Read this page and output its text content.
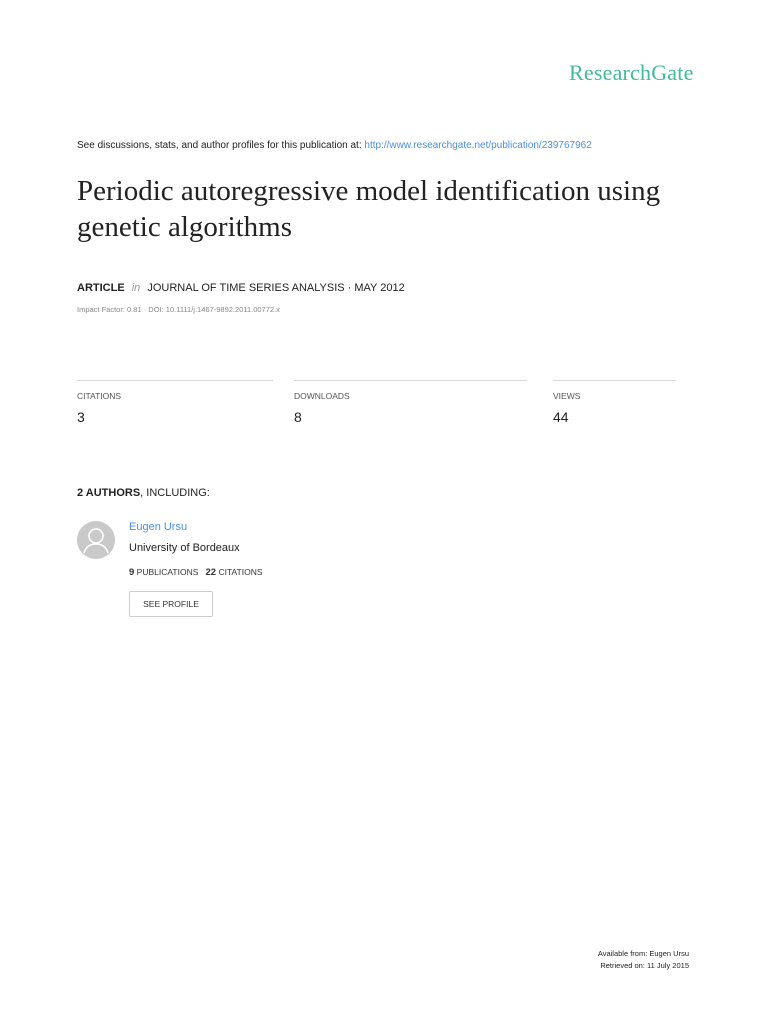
ResearchGate
See discussions, stats, and author profiles for this publication at: http://www.researchgate.net/publication/239767962
Periodic autoregressive model identification using genetic algorithms
ARTICLE in JOURNAL OF TIME SERIES ANALYSIS · MAY 2012
Impact Factor: 0.81 · DOI: 10.1111/j.1467-9892.2011.00772.x
CITATIONS
3
DOWNLOADS
8
VIEWS
44
2 AUTHORS, INCLUDING:
Eugen Ursu
University of Bordeaux
9 PUBLICATIONS 22 CITATIONS
SEE PROFILE
Available from: Eugen Ursu
Retrieved on: 11 July 2015
